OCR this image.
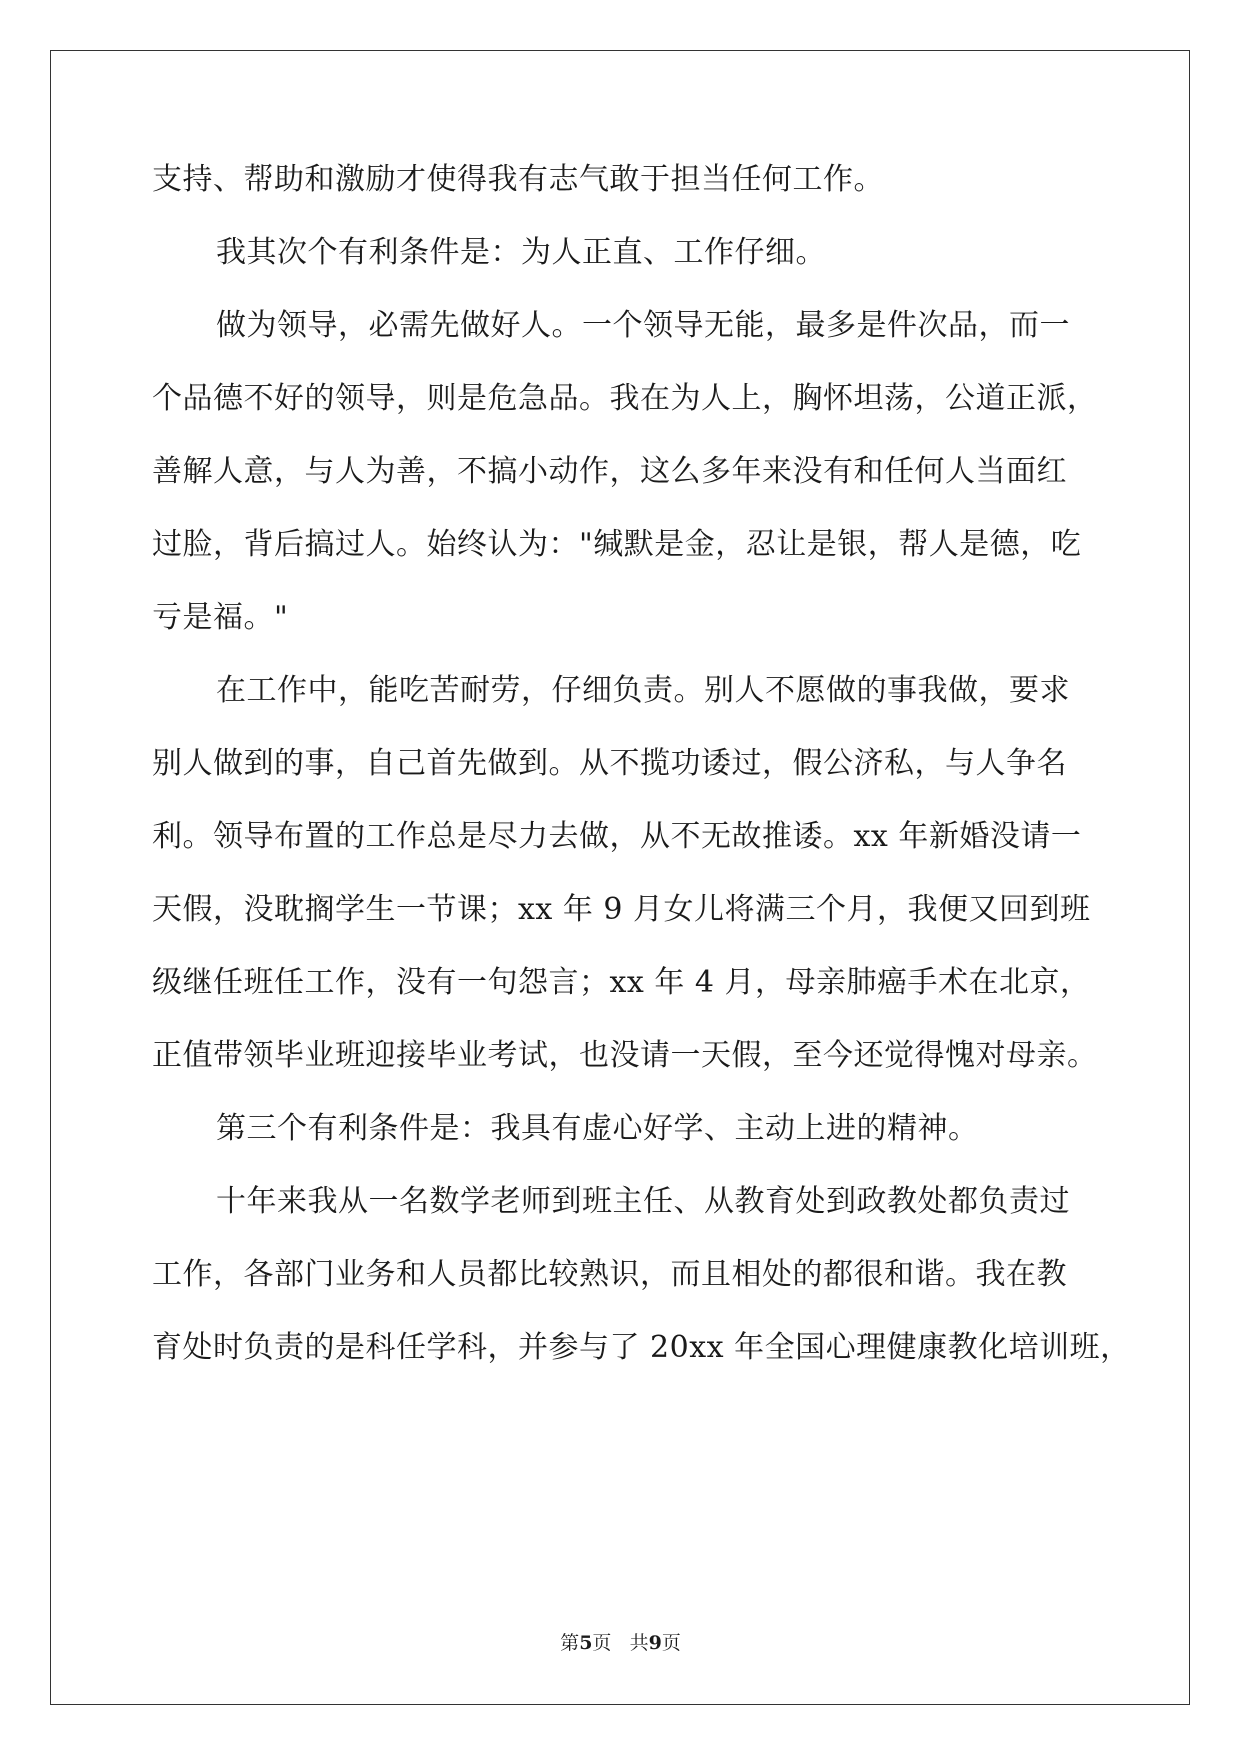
支持、帮助和激励才使得我有志气敢于担当任何工作。
我其次个有利条件是：为人正直、工作仔细。
做为领导，必需先做好人。一个领导无能，最多是件次品，而一
个品德不好的领导，则是危急品。我在为人上，胸怀坦荡，公道正派，
善解人意，与人为善，不搞小动作，这么多年来没有和任何人当面红
过脸，背后搞过人。始终认为："缄默是金，忍让是银，帮人是德，吃
亏是福。"
在工作中，能吃苦耐劳，仔细负责。别人不愿做的事我做，要求
别人做到的事，自己首先做到。从不揽功诿过，假公济私，与人争名
利。领导布置的工作总是尽力去做，从不无故推诿。xx 年新婚没请一
天假，没耽搁学生一节课；xx 年 9 月女儿将满三个月，我便又回到班
级继任班任工作，没有一句怨言；xx 年 4 月，母亲肺癌手术在北京，
正值带领毕业班迎接毕业考试，也没请一天假，至今还觉得愧对母亲。
第三个有利条件是：我具有虚心好学、主动上进的精神。
十年来我从一名数学老师到班主任、从教育处到政教处都负责过
工作，各部门业务和人员都比较熟识，而且相处的都很和谐。我在教
育处时负责的是科任学科，并参与了 20xx 年全国心理健康教化培训班，
第5页 共9页
